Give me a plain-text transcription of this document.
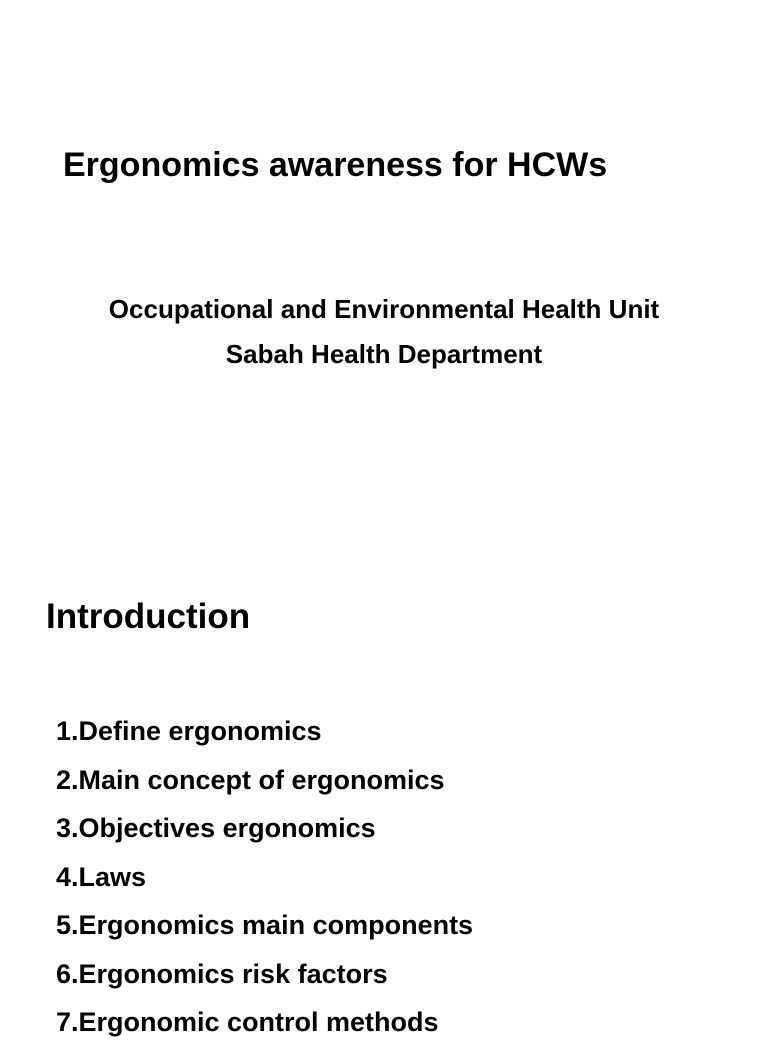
Ergonomics awareness for HCWs
Occupational and Environmental Health Unit
Sabah Health Department
Introduction
1.Define ergonomics
2.Main concept of ergonomics
3.Objectives ergonomics
4.Laws
5.Ergonomics main components
6.Ergonomics risk factors
7.Ergonomic control methods
